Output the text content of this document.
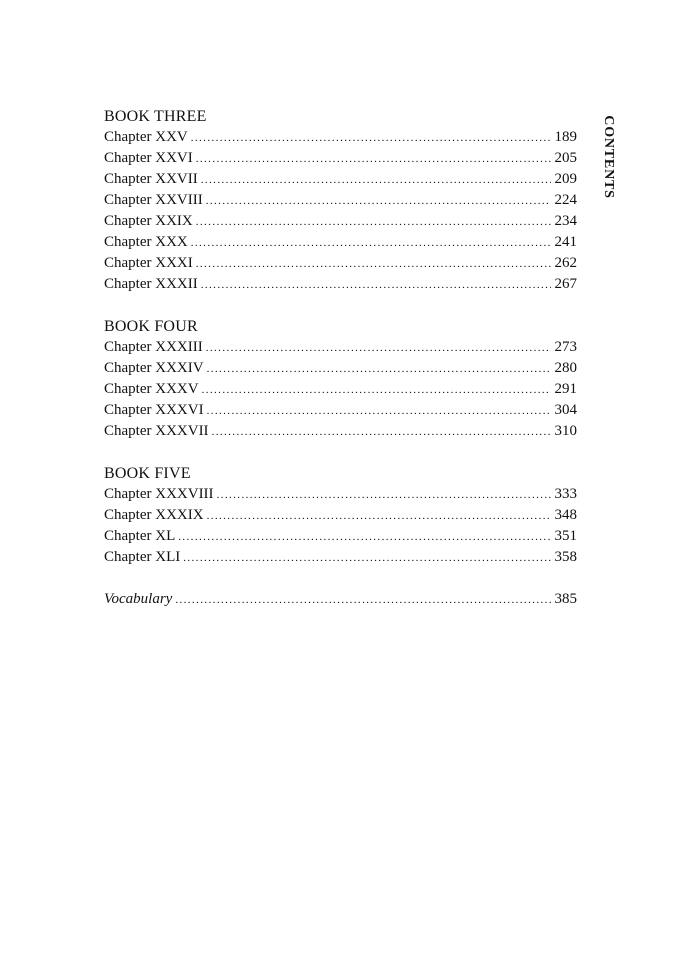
BOOK THREE
Chapter XXV .....	189
Chapter XXVI .....	205
Chapter XXVII .....	209
Chapter XXVIII .....	224
Chapter XXIX .....	234
Chapter XXX .....	241
Chapter XXXI .....	262
Chapter XXXII .....	267
BOOK FOUR
Chapter XXXIII .....	273
Chapter XXXIV .....	280
Chapter XXXV .....	291
Chapter XXXVI .....	304
Chapter XXXVII .....	310
BOOK FIVE
Chapter XXXVIII .....	333
Chapter XXXIX .....	348
Chapter XL .....	351
Chapter XLI .....	358
Vocabulary .....	385
CONTENTS
